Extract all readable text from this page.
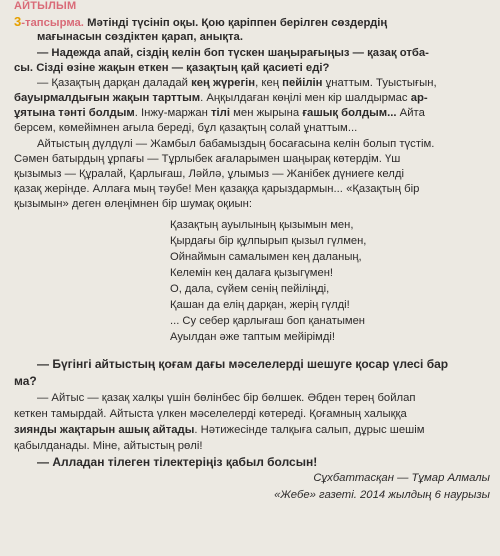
АЙТЫЛЫМ
3-тапсырма. Мәтінді түсініп оқы. Қою қаріппен берілген сөздердің
мағынасын сөздіктен қарап, анықта.
— Надежда апай, сіздің келін боп түскен шаңырағыңыз — қазақ отба-
сы. Сізді өзіне жақын еткен — қазақтың қай қасиеті еді?
— Қазақтың дарқан даладай кең жүрегін, кең пейілін ұнаттым. Туыстығын,
бауырмалдығын жақын тарттым. Аңқылдаған көңілі мен кір шалдырмас ар-
ұятына тәнті болдым. Інжу-маржан тілі мен жырына ғашық болдым... Айта
берсем, көмейімнен ағыла береді, бұл қазақтың солай ұнаттым...
Айтыстың дүлдүлі — Жамбыл бабамыздың босағасына келін болып түстім.
Сәмен батырдың ұрпағы — Тұрлыбек ағаларымен шаңырақ көтердім. Үш
қызымыз — Құралай, Қарлығаш, Ләйлә, ұлымыз — Жанібек дүниеге келді
қазақ жерінде. Аллаға мың тәубе! Мен қазаққа қарыздармын... «Қазақтың бір
қызымын» деген өлеңімнен бір шумақ оқиын:
Қазақтың ауылының қызымын мен,
Қырдағы бір құлпырып қызыл гүлмен,
Ойнаймын самалымен кең даланың,
Келемін кең далаға қызыгүмен!
О, дала, сүйем сенің пейіліңді,
Қашан да елің дарқан, жерің гүлді!
... Су себер қарлығаш боп қанатымен
Ауылдан әже таптым мейірімді!
— Бүгінгі айтыстың қоғам дағы мәселелерді шешуге қосар үлесі бар
ма?
— Айтыс — қазақ халқы үшін бөлінбес бір бөлшек. Әбден терең бойлап
кеткен тамырдай. Айтыста үлкен мәселелерді көтереді. Қоғамның халыққа
зиянды жақтарын ашық айтады. Нәтижесінде талқыға салып, дұрыс шешім
қабылданады. Міне, айтыстың рөлі!
— Алладан тілеген тілектеріңіз қабыл болсын!
Сұхбаттасқан — Тұмар Алмалы
«Жебе» газеті. 2014 жылдың 6 наурызы
